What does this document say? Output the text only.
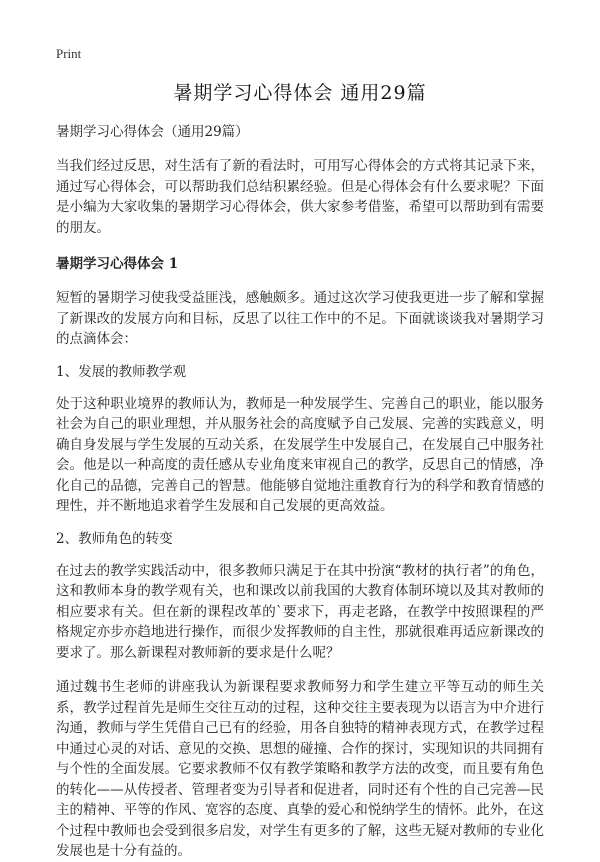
Print
暑期学习心得体会 通用29篇
暑期学习心得体会（通用29篇）

当我们经过反思，对生活有了新的看法时，可用写心得体会的方式将其记录下来，通过写心得体会，可以帮助我们总结积累经验。但是心得体会有什么要求呢？下面是小编为大家收集的暑期学习心得体会，供大家参考借鉴，希望可以帮助到有需要的朋友。

暑期学习心得体会 1

短暂的暑期学习使我受益匪浅，感触颇多。通过这次学习使我更进一步了解和掌握了新课改的发展方向和目标，反思了以往工作中的不足。下面就谈谈我对暑期学习的点滴体会：

1、发展的教师教学观

处于这种职业境界的教师认为，教师是一种发展学生、完善自己的职业，能以服务社会为自己的职业理想，并从服务社会的高度赋予自己发展、完善的实践意义，明确自身发展与学生发展的互动关系，在发展学生中发展自己，在发展自己中服务社会。他是以一种高度的责任感从专业角度来审视自己的教学，反思自己的情感，净化自己的品德，完善自己的智慧。他能够自觉地注重教育行为的科学和教育情感的理性，并不断地追求着学生发展和自己发展的更高效益。

2、教师角色的转变

在过去的教学实践活动中，很多教师只满足于在其中扮演“教材的执行者”的角色，这和教师本身的教学观有关，也和课改以前我国的大教育体制环境以及其对教师的相应要求有关。但在新的课程改革的`要求下，再走老路，在教学中按照课程的严格规定亦步亦趋地进行操作，而很少发挥教师的自主性，那就很难再适应新课改的要求了。那么新课程对教师新的要求是什么呢？

通过魏书生老师的讲座我认为新课程要求教师努力和学生建立平等互动的师生关系，教学过程首先是师生交往互动的过程，这种交往主要表现为以语言为中介进行沟通，教师与学生凭借自己已有的经验，用各自独特的精神表现方式，在教学过程中通过心灵的对话、意见的交换、思想的碰撞、合作的探讨，实现知识的共同拥有与个性的全面发展。它要求教师不仅有教学策略和教学方法的改变，而且要有角色的转化——从传授者、管理者变为引导者和促进者，同时还有个性的自己完善—民主的精神、平等的作风、宽容的态度、真挚的爱心和悦纳学生的情怀。此外，在这个过程中教师也会受到很多启发，对学生有更多的了解，这些无疑对教师的专业化发展也是十分有益的。
